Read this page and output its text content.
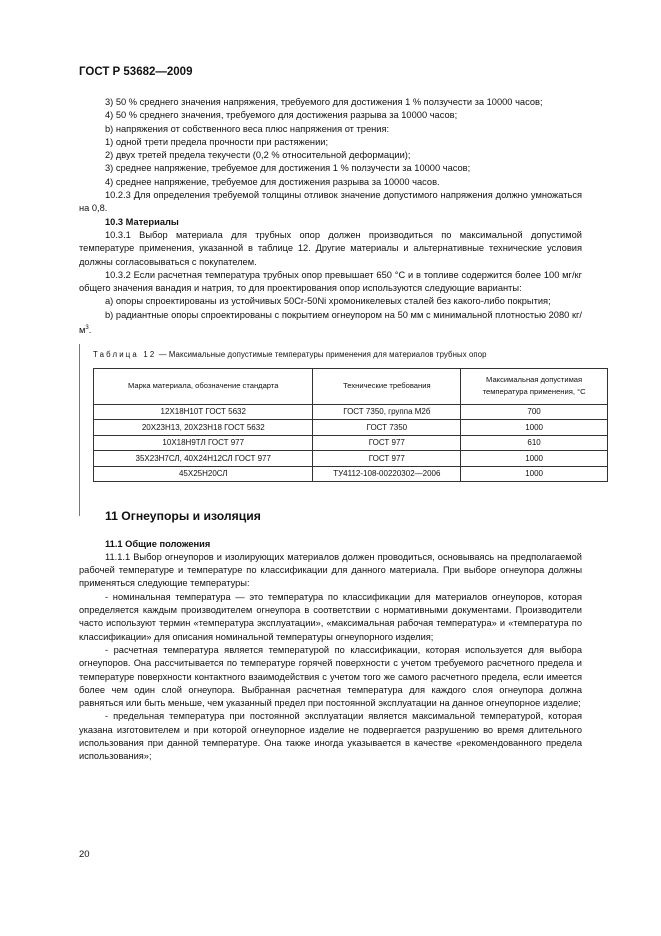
ГОСТ Р 53682—2009

3) 50 % среднего значения напряжения, требуемого для достижения 1 % ползучести за 10000 часов;

4) 50 % среднего значения, требуемого для достижения разрыва за 10000 часов;

b) напряжения от собственного веса плюс напряжения от трения:

1) одной трети предела прочности при растяжении;

2) двух третей предела текучести (0,2 % относительной деформации);

3) среднее напряжение, требуемое для достижения 1 % ползучести за 10000 часов;

4) среднее напряжение, требуемое для достижения разрыва за 10000 часов.

10.2.3 Для определения требуемой толщины отливок значение допустимого напряжения должно умножаться на 0,8.

10.3 Материалы

10.3.1 Выбор материала для трубных опор должен производиться по максимальной допустимой температуре применения, указанной в таблице 12. Другие материалы и альтернативные технические условия должны согласовываться с покупателем.

10.3.2 Если расчетная температура трубных опор превышает 650 °С и в топливе содержится более 100 мг/кг общего значения ванадия и натрия, то для проектирования опор используются следующие варианты:

a) опоры спроектированы из устойчивых 50Cr-50Ni хромоникелевых сталей без какого-либо покрытия;

b) радиантные опоры спроектированы с покрытием огнеупором на 50 мм с минимальной плотностью 2080 $кг/м^3$.

Таблица 12 — Максимальные допустимые температуры применения для материалов трубных опор
Марка материала, обозначение стандарта	Технические требования	Максимальная допустимая температура применения, °С
12Х18Н10Т ГОСТ 5632	ГОСТ 7350, группа М2б	700
20Х23Н13, 20Х23Н18 ГОСТ 5632	ГОСТ 7350	1000
10Х18Н9ТЛ ГОСТ 977	ГОСТ 977	610
35Х23Н7СЛ, 40Х24Н12СЛ ГОСТ 977	ГОСТ 977	1000
45Х25Н20СЛ	ТУ4112-108-00220302—2006	1000
11 Огнеупоры и изоляция

11.1 Общие положения

11.1.1 Выбор огнеупоров и изолирующих материалов должен проводиться, основываясь на предполагаемой рабочей температуре и температуре по классификации для данного материала. При выборе огнеупора должны применяться следующие температуры:

- номинальная температура — это температура по классификации для материалов огнеупоров, которая определяется каждым производителем огнеупора в соответствии с нормативными документами. Производители часто используют термин «температура эксплуатации», «максимальная рабочая температура» и «температура по классификации» для описания номинальной температуры огнеупорного изделия;

- расчетная температура является температурой по классификации, которая используется для выбора огнеупоров. Она рассчитывается по температуре горячей поверхности с учетом требуемого расчетного предела и температуре поверхности контактного взаимодействия с учетом того же самого расчетного предела, если имеется более чем один слой огнеупора. Выбранная расчетная температура для каждого слоя огнеупора должна равняться или быть меньше, чем указанный предел при постоянной эксплуатации на данное огнеупорное изделие;

- предельная температура при постоянной эксплуатации является максимальной температурой, которая указана изготовителем и при которой огнеупорное изделие не подвергается разрушению во время длительного использования при данной температуре. Она также иногда указывается в качестве «рекомендованного предела использования»;

20
